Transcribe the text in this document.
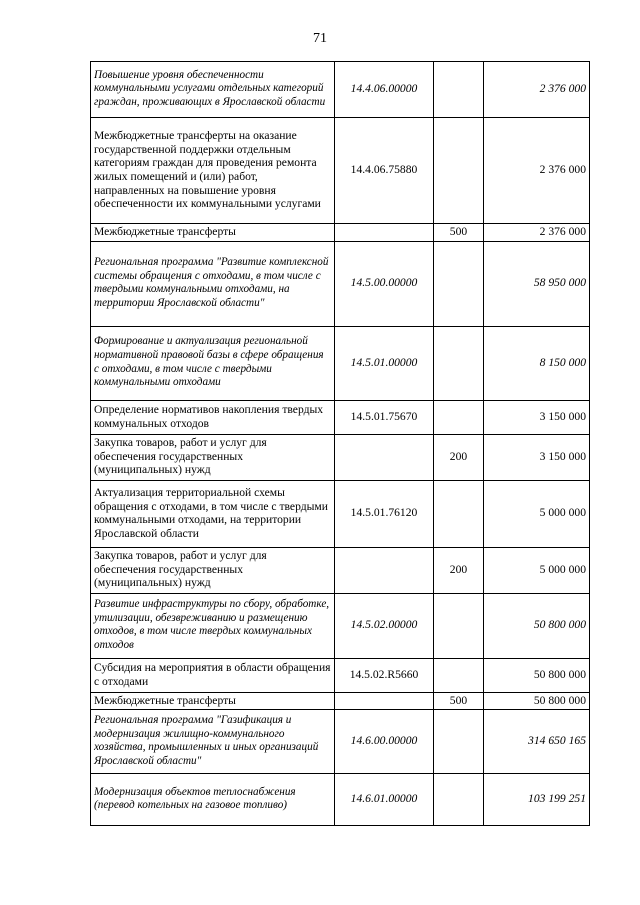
71
Повышение уровня обеспеченности коммунальными услугами отдельных категорий граждан, проживающих в Ярославской области	14.4.06.00000		2 376 000
Межбюджетные трансферты на оказание государственной поддержки отдельным категориям граждан для проведения ремонта жилых помещений и (или) работ, направленных на повышение уровня обеспеченности их коммунальными услугами	14.4.06.75880		2 376 000
Межбюджетные трансферты		500	2 376 000
Региональная программа "Развитие комплексной системы обращения с отходами, в том числе с твердыми коммунальными отходами, на территории Ярославской области"	14.5.00.00000		58 950 000
Формирование и актуализация региональной нормативной правовой базы в сфере обращения с отходами, в том числе с твердыми коммунальными отходами	14.5.01.00000		8 150 000
Определение нормативов накопления твердых коммунальных отходов	14.5.01.75670		3 150 000
Закупка товаров, работ и услуг для обеспечения государственных (муниципальных) нужд		200	3 150 000
Актуализация территориальной схемы обращения с отходами, в том числе с твердыми коммунальными отходами, на территории Ярославской области	14.5.01.76120		5 000 000
Закупка товаров, работ и услуг для обеспечения государственных (муниципальных) нужд		200	5 000 000
Развитие инфраструктуры по сбору, обработке, утилизации, обезвреживанию и размещению отходов, в том числе твердых коммунальных отходов	14.5.02.00000		50 800 000
Субсидия на мероприятия в области обращения с отходами	14.5.02.R5660		50 800 000
Межбюджетные трансферты		500	50 800 000
Региональная программа "Газификация и модернизация жилищно-коммунального хозяйства, промышленных и иных организаций Ярославской области"	14.6.00.00000		314 650 165
Модернизация объектов теплоснабжения (перевод котельных на газовое топливо)	14.6.01.00000		103 199 251
